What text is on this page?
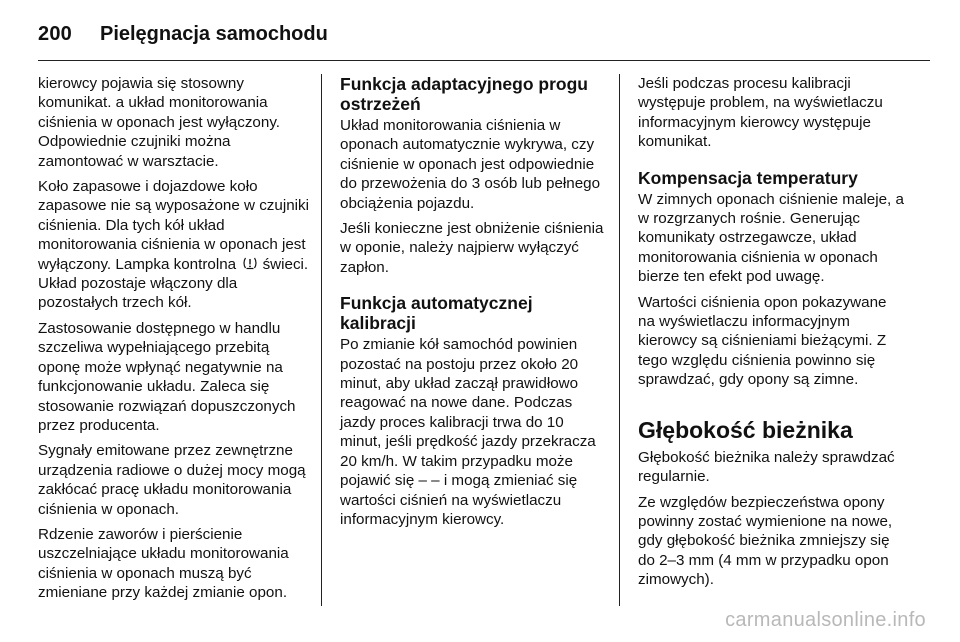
200 Pielęgnacja samochodu

kierowcy pojawia się stosowny komunikat. a układ monitorowania ciśnienia w oponach jest wyłączony. Odpowiednie czujniki można zamontować w warsztacie.

Koło zapasowe i dojazdowe koło zapasowe nie są wyposażone w czujniki ciśnienia. Dla tych kół układ monitorowania ciśnienia w oponach jest wyłączony. Lampka kontrolna świeci. Układ pozostaje włączony dla pozostałych trzech kół.

Zastosowanie dostępnego w handlu szczeliwa wypełniającego przebitą oponę może wpłynąć negatywnie na funkcjonowanie układu. Zaleca się stosowanie rozwiązań dopuszczonych przez producenta.

Sygnały emitowane przez zewnętrzne urządzenia radiowe o dużej mocy mogą zakłócać pracę układu monitorowania ciśnienia w oponach.

Rdzenie zaworów i pierścienie uszczelniające układu monitorowania ciśnienia w oponach muszą być zmieniane przy każdej zmianie opon.

Funkcja adaptacyjnego progu ostrzeżeń

Układ monitorowania ciśnienia w oponach automatycznie wykrywa, czy ciśnienie w oponach jest odpowiednie do przewożenia do 3 osób lub pełnego obciążenia pojazdu.

Jeśli konieczne jest obniżenie ciśnienia w oponie, należy najpierw wyłączyć zapłon.

Funkcja automatycznej kalibracji

Po zmianie kół samochód powinien pozostać na postoju przez około 20 minut, aby układ zaczął prawidłowo reagować na nowe dane. Podczas jazdy proces kalibracji trwa do 10 minut, jeśli prędkość jazdy przekracza 20 km/h. W takim przypadku może pojawić się – – i mogą zmieniać się wartości ciśnień na wyświetlaczu informacyjnym kierowcy.

Jeśli podczas procesu kalibracji występuje problem, na wyświetlaczu informacyjnym kierowcy występuje komunikat.

Kompensacja temperatury

W zimnych oponach ciśnienie maleje, a w rozgrzanych rośnie. Generując komunikaty ostrzegawcze, układ monitorowania ciśnienia w oponach bierze ten efekt pod uwagę.

Wartości ciśnienia opon pokazywane na wyświetlaczu informacyjnym kierowcy są ciśnieniami bieżącymi. Z tego względu ciśnienia powinno się sprawdzać, gdy opony są zimne.

Głębokość bieżnika

Głębokość bieżnika należy sprawdzać regularnie.

Ze względów bezpieczeństwa opony powinny zostać wymienione na nowe, gdy głębokość bieżnika zmniejszy się do 2–3 mm (4 mm w przypadku opon zimowych).

carmanualsonline.info
